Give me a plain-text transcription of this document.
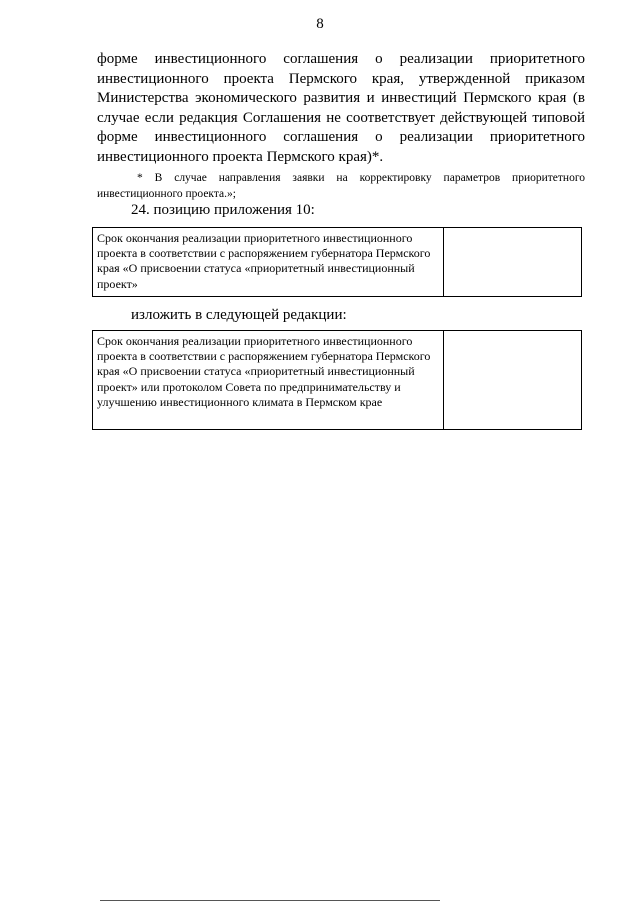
8
форме инвестиционного соглашения о реализации приоритетного инвестиционного проекта Пермского края, утвержденной приказом Министерства экономического развития и инвестиций Пермского края (в случае если редакция Соглашения не соответствует действующей типовой форме инвестиционного соглашения о реализации приоритетного инвестиционного проекта Пермского края)*.
* В случае направления заявки на корректировку параметров приоритетного инвестиционного проекта.»;
24. позицию приложения 10:
Срок окончания реализации приоритетного инвестиционного проекта в соответствии с распоряжением губернатора Пермского края «О присвоении статуса «приоритетный инвестиционный проект»	
изложить в следующей редакции:
Срок окончания реализации приоритетного инвестиционного проекта в соответствии с распоряжением губернатора Пермского края «О присвоении статуса «приоритетный инвестиционный проект» или протоколом Совета по предпринимательству и улучшению инвестиционного климата в Пермском крае	
